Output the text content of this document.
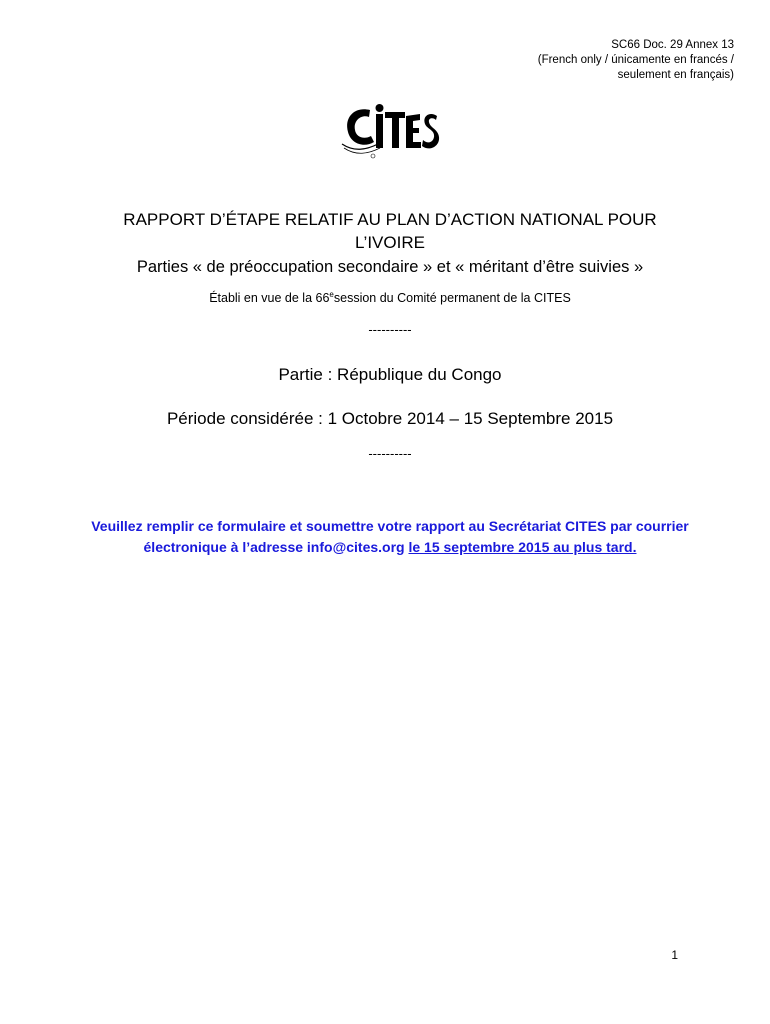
SC66 Doc. 29 Annex 13
(French only / únicamente en francés /
seulement en français)
RAPPORT D’ÉTAPE RELATIF AU PLAN D’ACTION NATIONAL POUR
L’IVOIRE
Parties « de préoccupation secondaire » et « méritant d’être suivies »
Établi en vue de la 66esession du Comité permanent de la CITES
----------
Partie : République du Congo
Période considérée : 1 Octobre 2014 – 15 Septembre 2015
----------
Veuillez remplir ce formulaire et soumettre votre rapport au Secrétariat CITES par courrier électronique à l’adresse info@cites.org le 15 septembre 2015 au plus tard.
1
